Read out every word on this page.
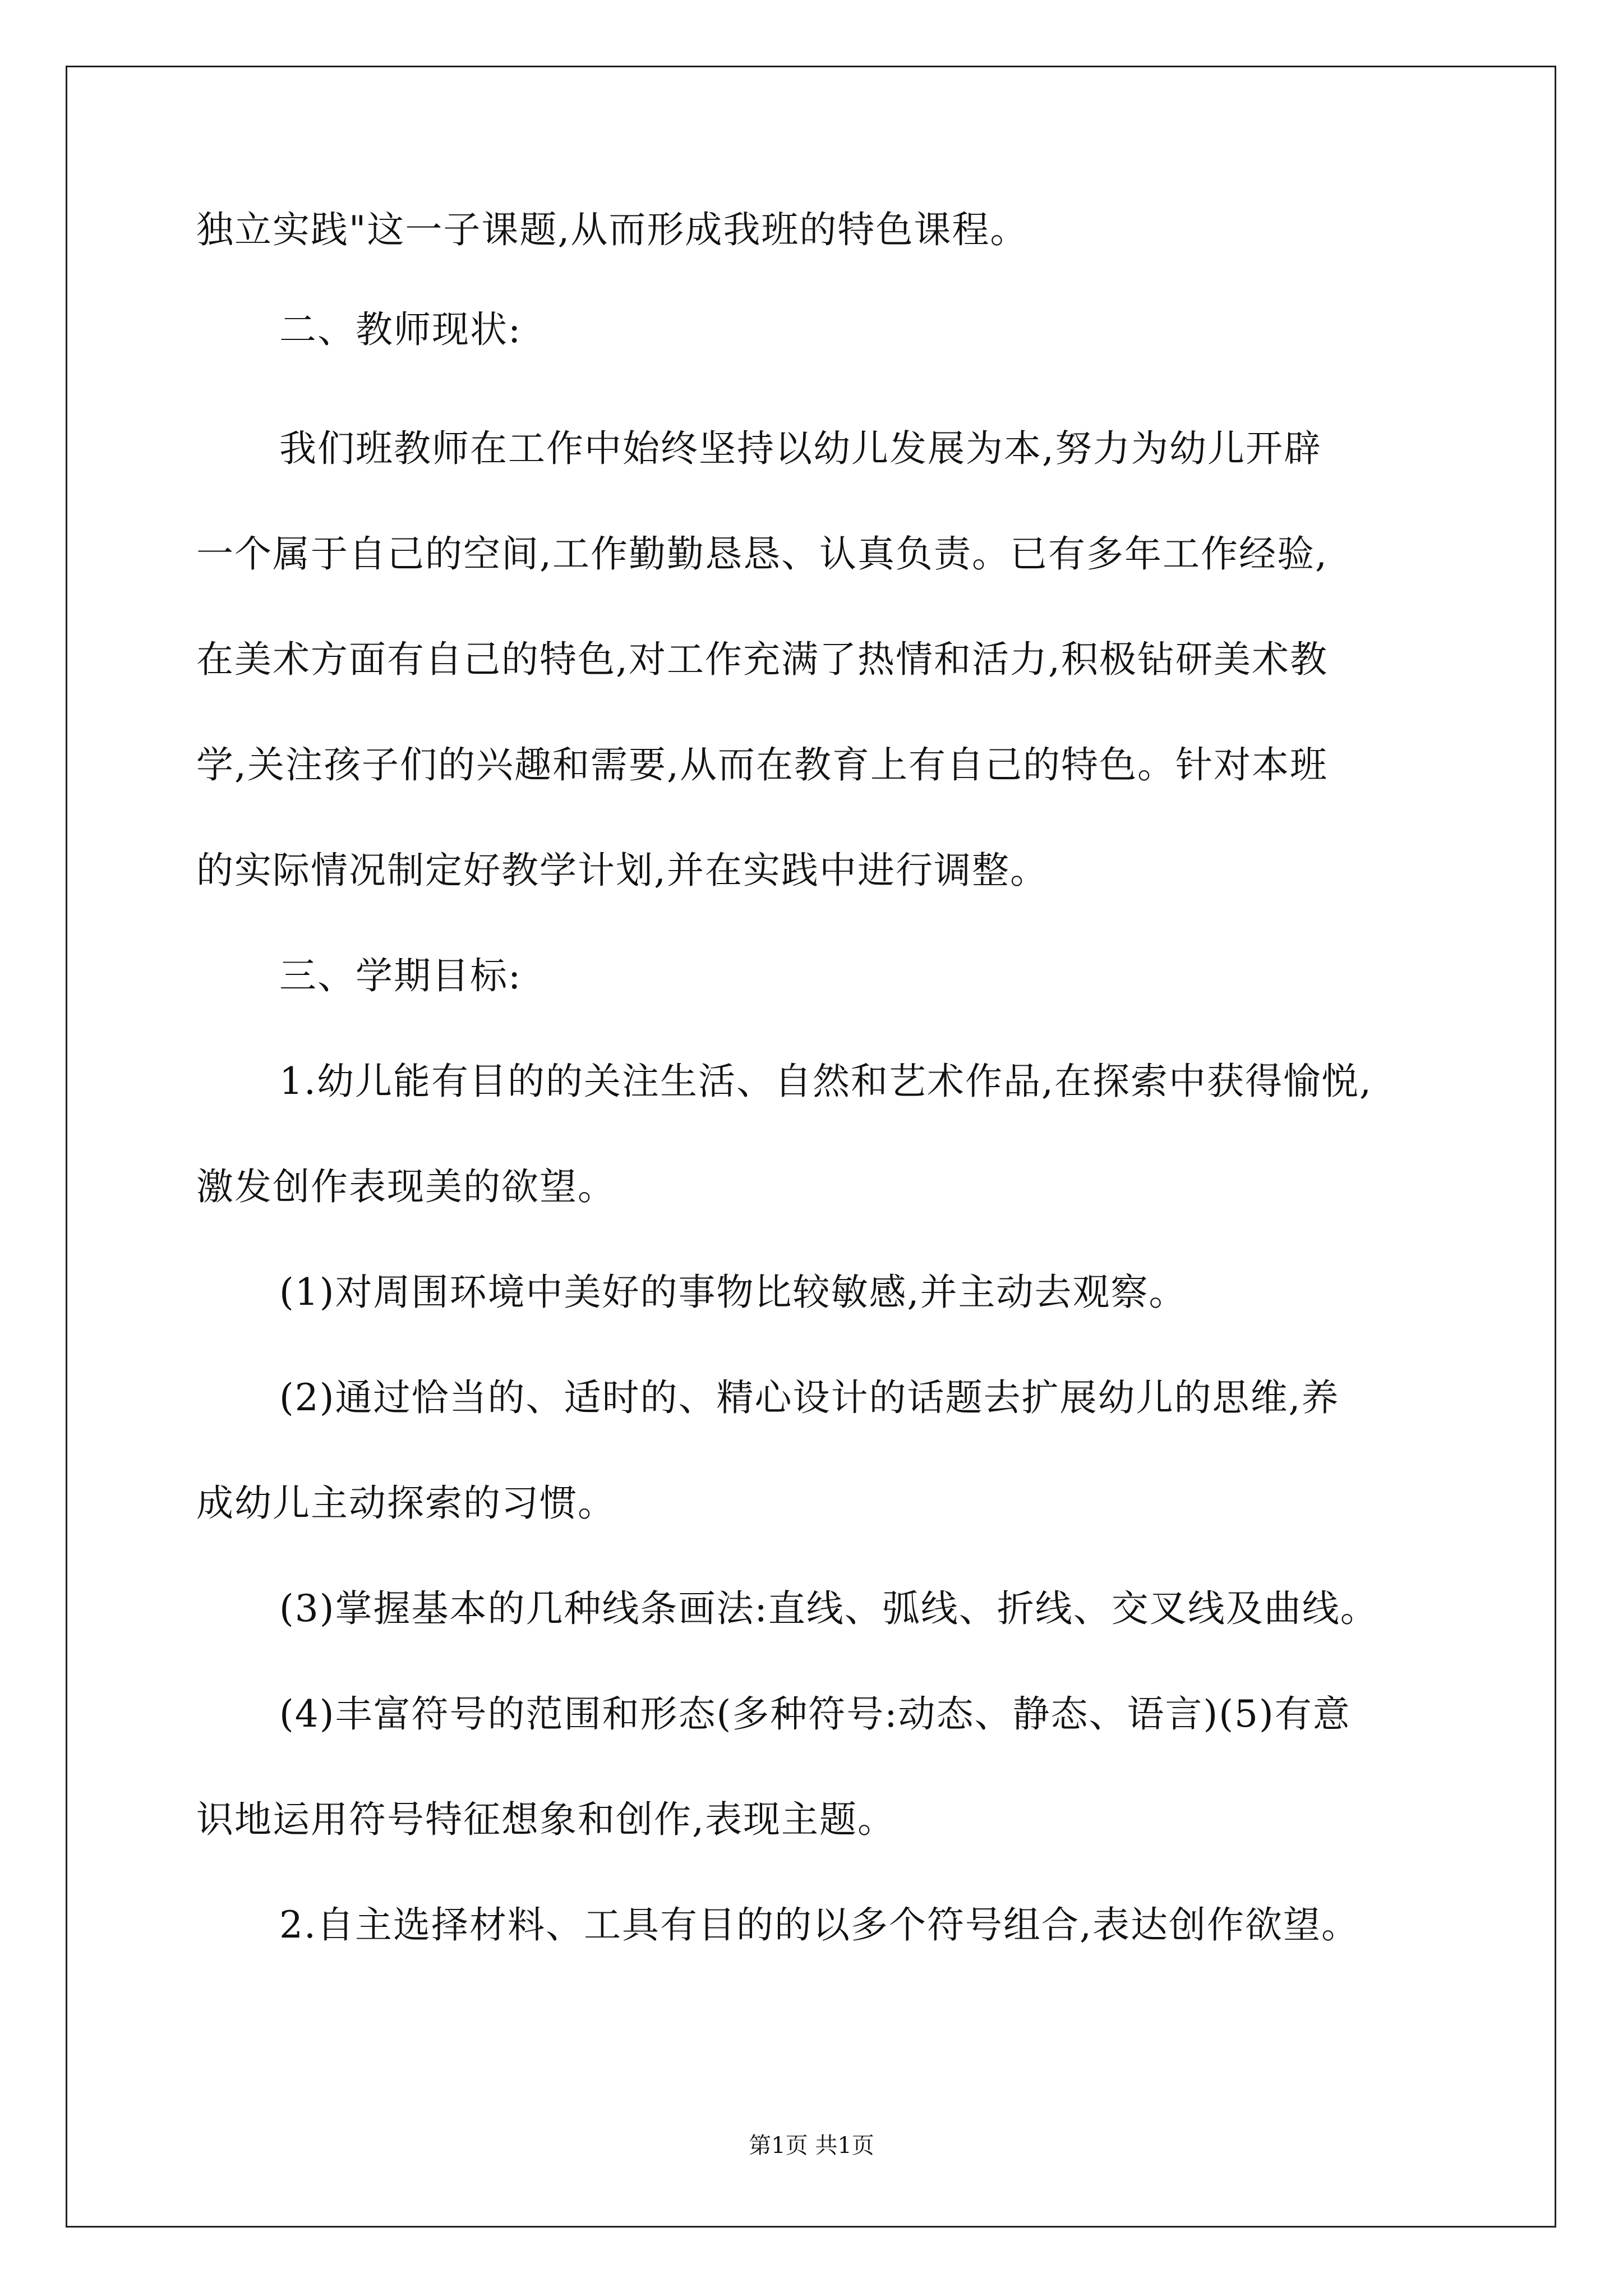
独立实践"这一子课题,从而形成我班的特色课程。
二、教师现状:
我们班教师在工作中始终坚持以幼儿发展为本,努力为幼儿开辟
一个属于自己的空间,工作勤勤恳恳、认真负责。已有多年工作经验,
在美术方面有自己的特色,对工作充满了热情和活力,积极钻研美术教
学,关注孩子们的兴趣和需要,从而在教育上有自己的特色。针对本班
的实际情况制定好教学计划,并在实践中进行调整。
三、学期目标:
1.幼儿能有目的的关注生活、自然和艺术作品,在探索中获得愉悦,
激发创作表现美的欲望。
(1)对周围环境中美好的事物比较敏感,并主动去观察。
(2)通过恰当的、适时的、精心设计的话题去扩展幼儿的思维,养
成幼儿主动探索的习惯。
(3)掌握基本的几种线条画法:直线、弧线、折线、交叉线及曲线。
(4)丰富符号的范围和形态(多种符号:动态、静态、语言)(5)有意
识地运用符号特征想象和创作,表现主题。
2.自主选择材料、工具有目的的以多个符号组合,表达创作欲望。
第1页 共1页
